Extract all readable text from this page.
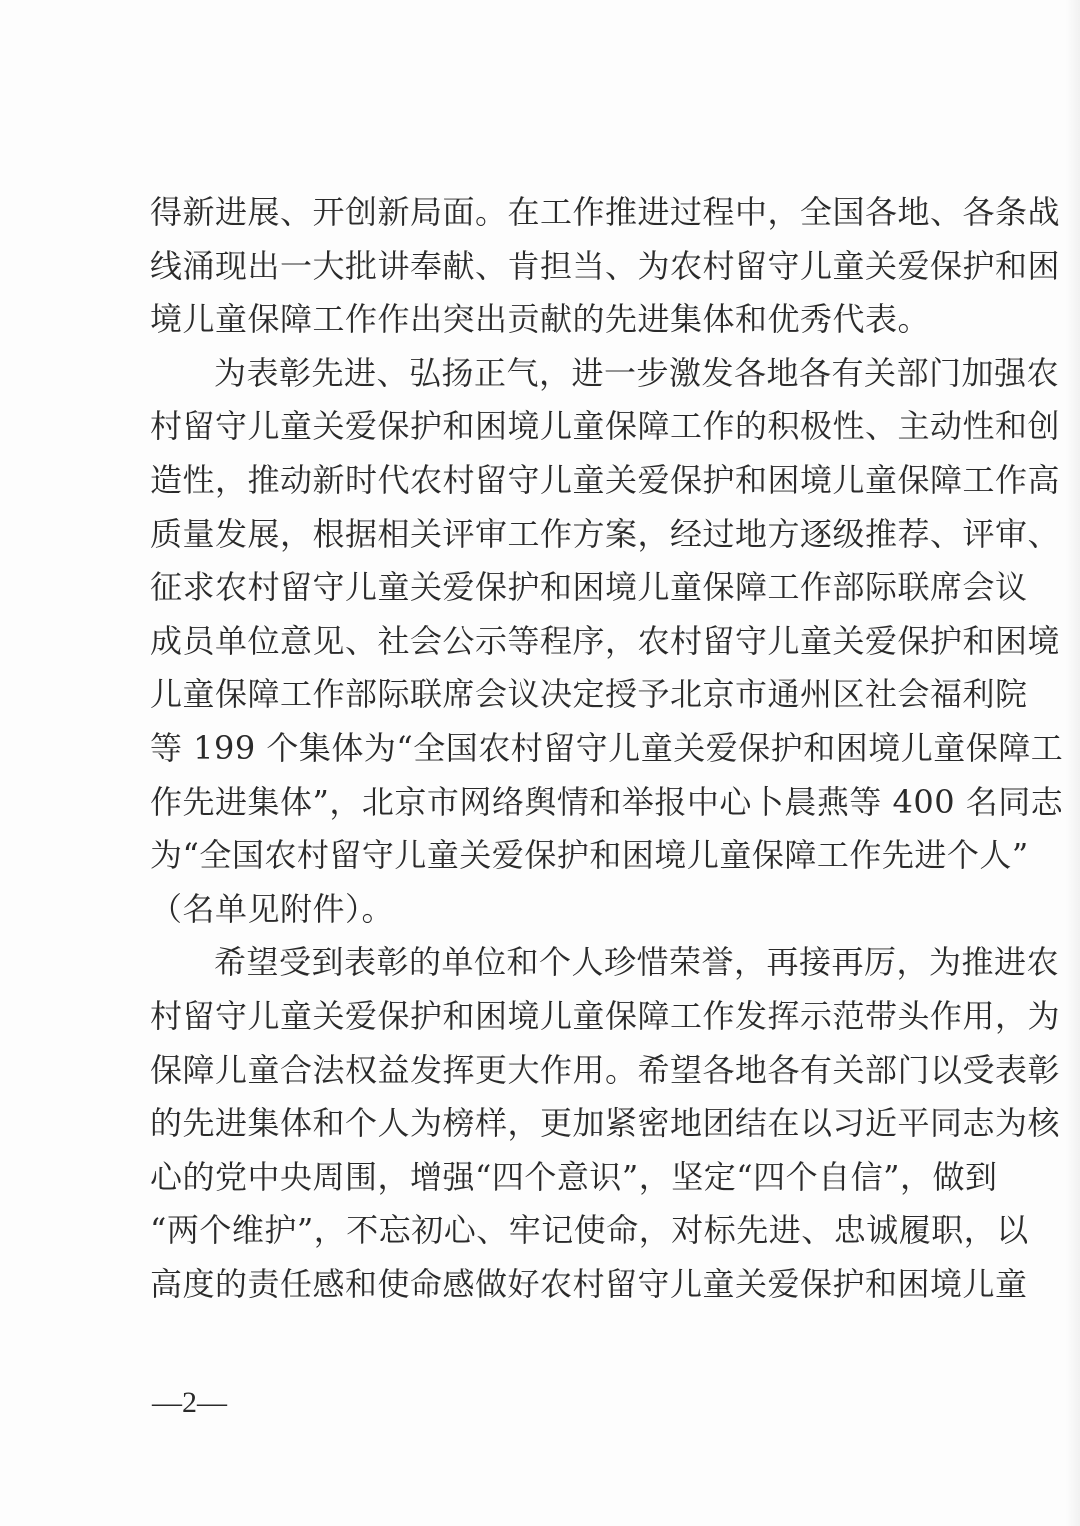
得新进展、开创新局面。在工作推进过程中，全国各地、各条战
线涌现出一大批讲奉献、肯担当、为农村留守儿童关爱保护和困
境儿童保障工作作出突出贡献的先进集体和优秀代表。
为表彰先进、弘扬正气，进一步激发各地各有关部门加强农
村留守儿童关爱保护和困境儿童保障工作的积极性、主动性和创
造性，推动新时代农村留守儿童关爱保护和困境儿童保障工作高
质量发展，根据相关评审工作方案，经过地方逐级推荐、评审、
征求农村留守儿童关爱保护和困境儿童保障工作部际联席会议
成员单位意见、社会公示等程序，农村留守儿童关爱保护和困境
儿童保障工作部际联席会议决定授予北京市通州区社会福利院
等 199 个集体为“全国农村留守儿童关爱保护和困境儿童保障工
作先进集体”，北京市网络舆情和举报中心卜晨燕等 400 名同志
为“全国农村留守儿童关爱保护和困境儿童保障工作先进个人”
（名单见附件）。
希望受到表彰的单位和个人珍惜荣誉，再接再厉，为推进农
村留守儿童关爱保护和困境儿童保障工作发挥示范带头作用，为
保障儿童合法权益发挥更大作用。希望各地各有关部门以受表彰
的先进集体和个人为榜样，更加紧密地团结在以习近平同志为核
心的党中央周围，增强“四个意识”，坚定“四个自信”，做到
“两个维护”，不忘初心、牢记使命，对标先进、忠诚履职，以
高度的责任感和使命感做好农村留守儿童关爱保护和困境儿童
—2—
